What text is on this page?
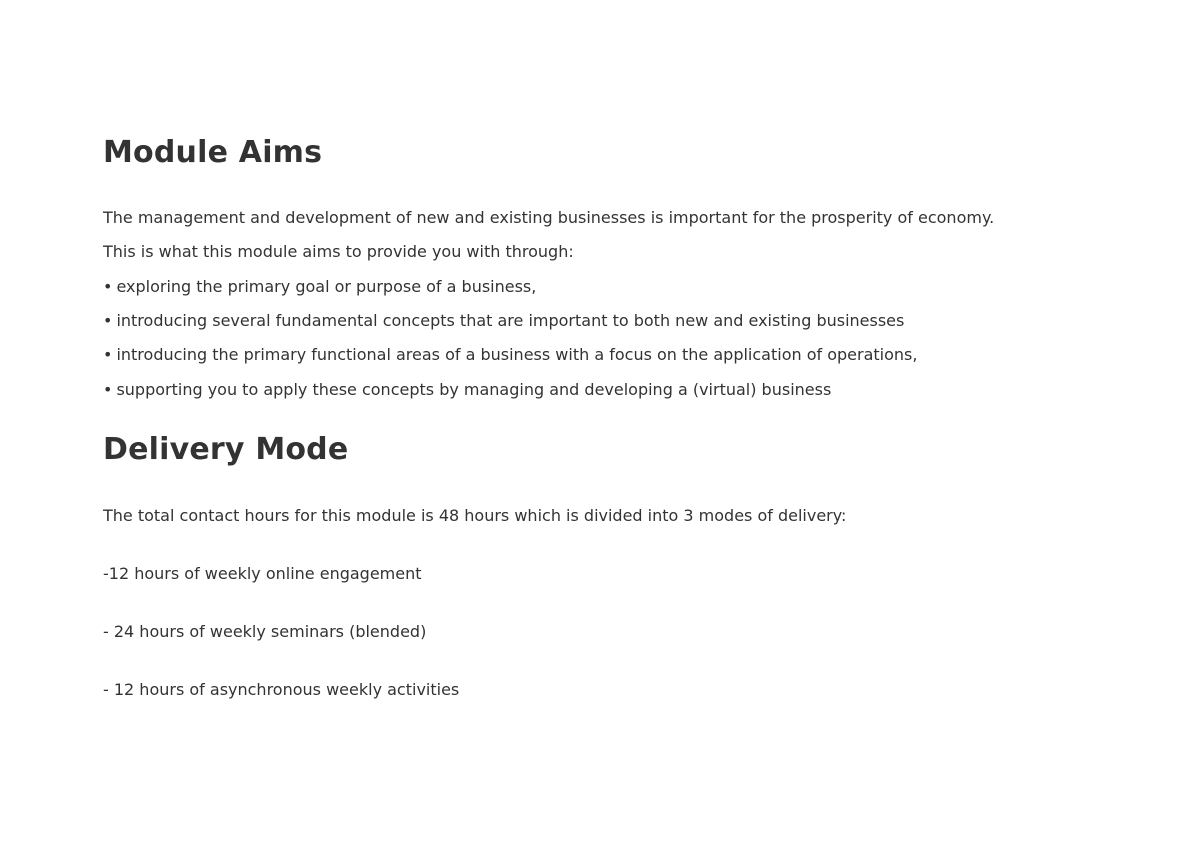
Module Aims

The management and development of new and existing businesses is important for the prosperity of economy.

This is what this module aims to provide you with through:

• exploring the primary goal or purpose of a business,

• introducing several fundamental concepts that are important to both new and existing businesses

• introducing the primary functional areas of a business with a focus on the application of operations,

• supporting you to apply these concepts by managing and developing a (virtual) business

Delivery Mode

The total contact hours for this module is 48 hours which is divided into 3 modes of delivery:

-12 hours of weekly online engagement

- 24 hours of weekly seminars (blended)

- 12 hours of asynchronous weekly activities
